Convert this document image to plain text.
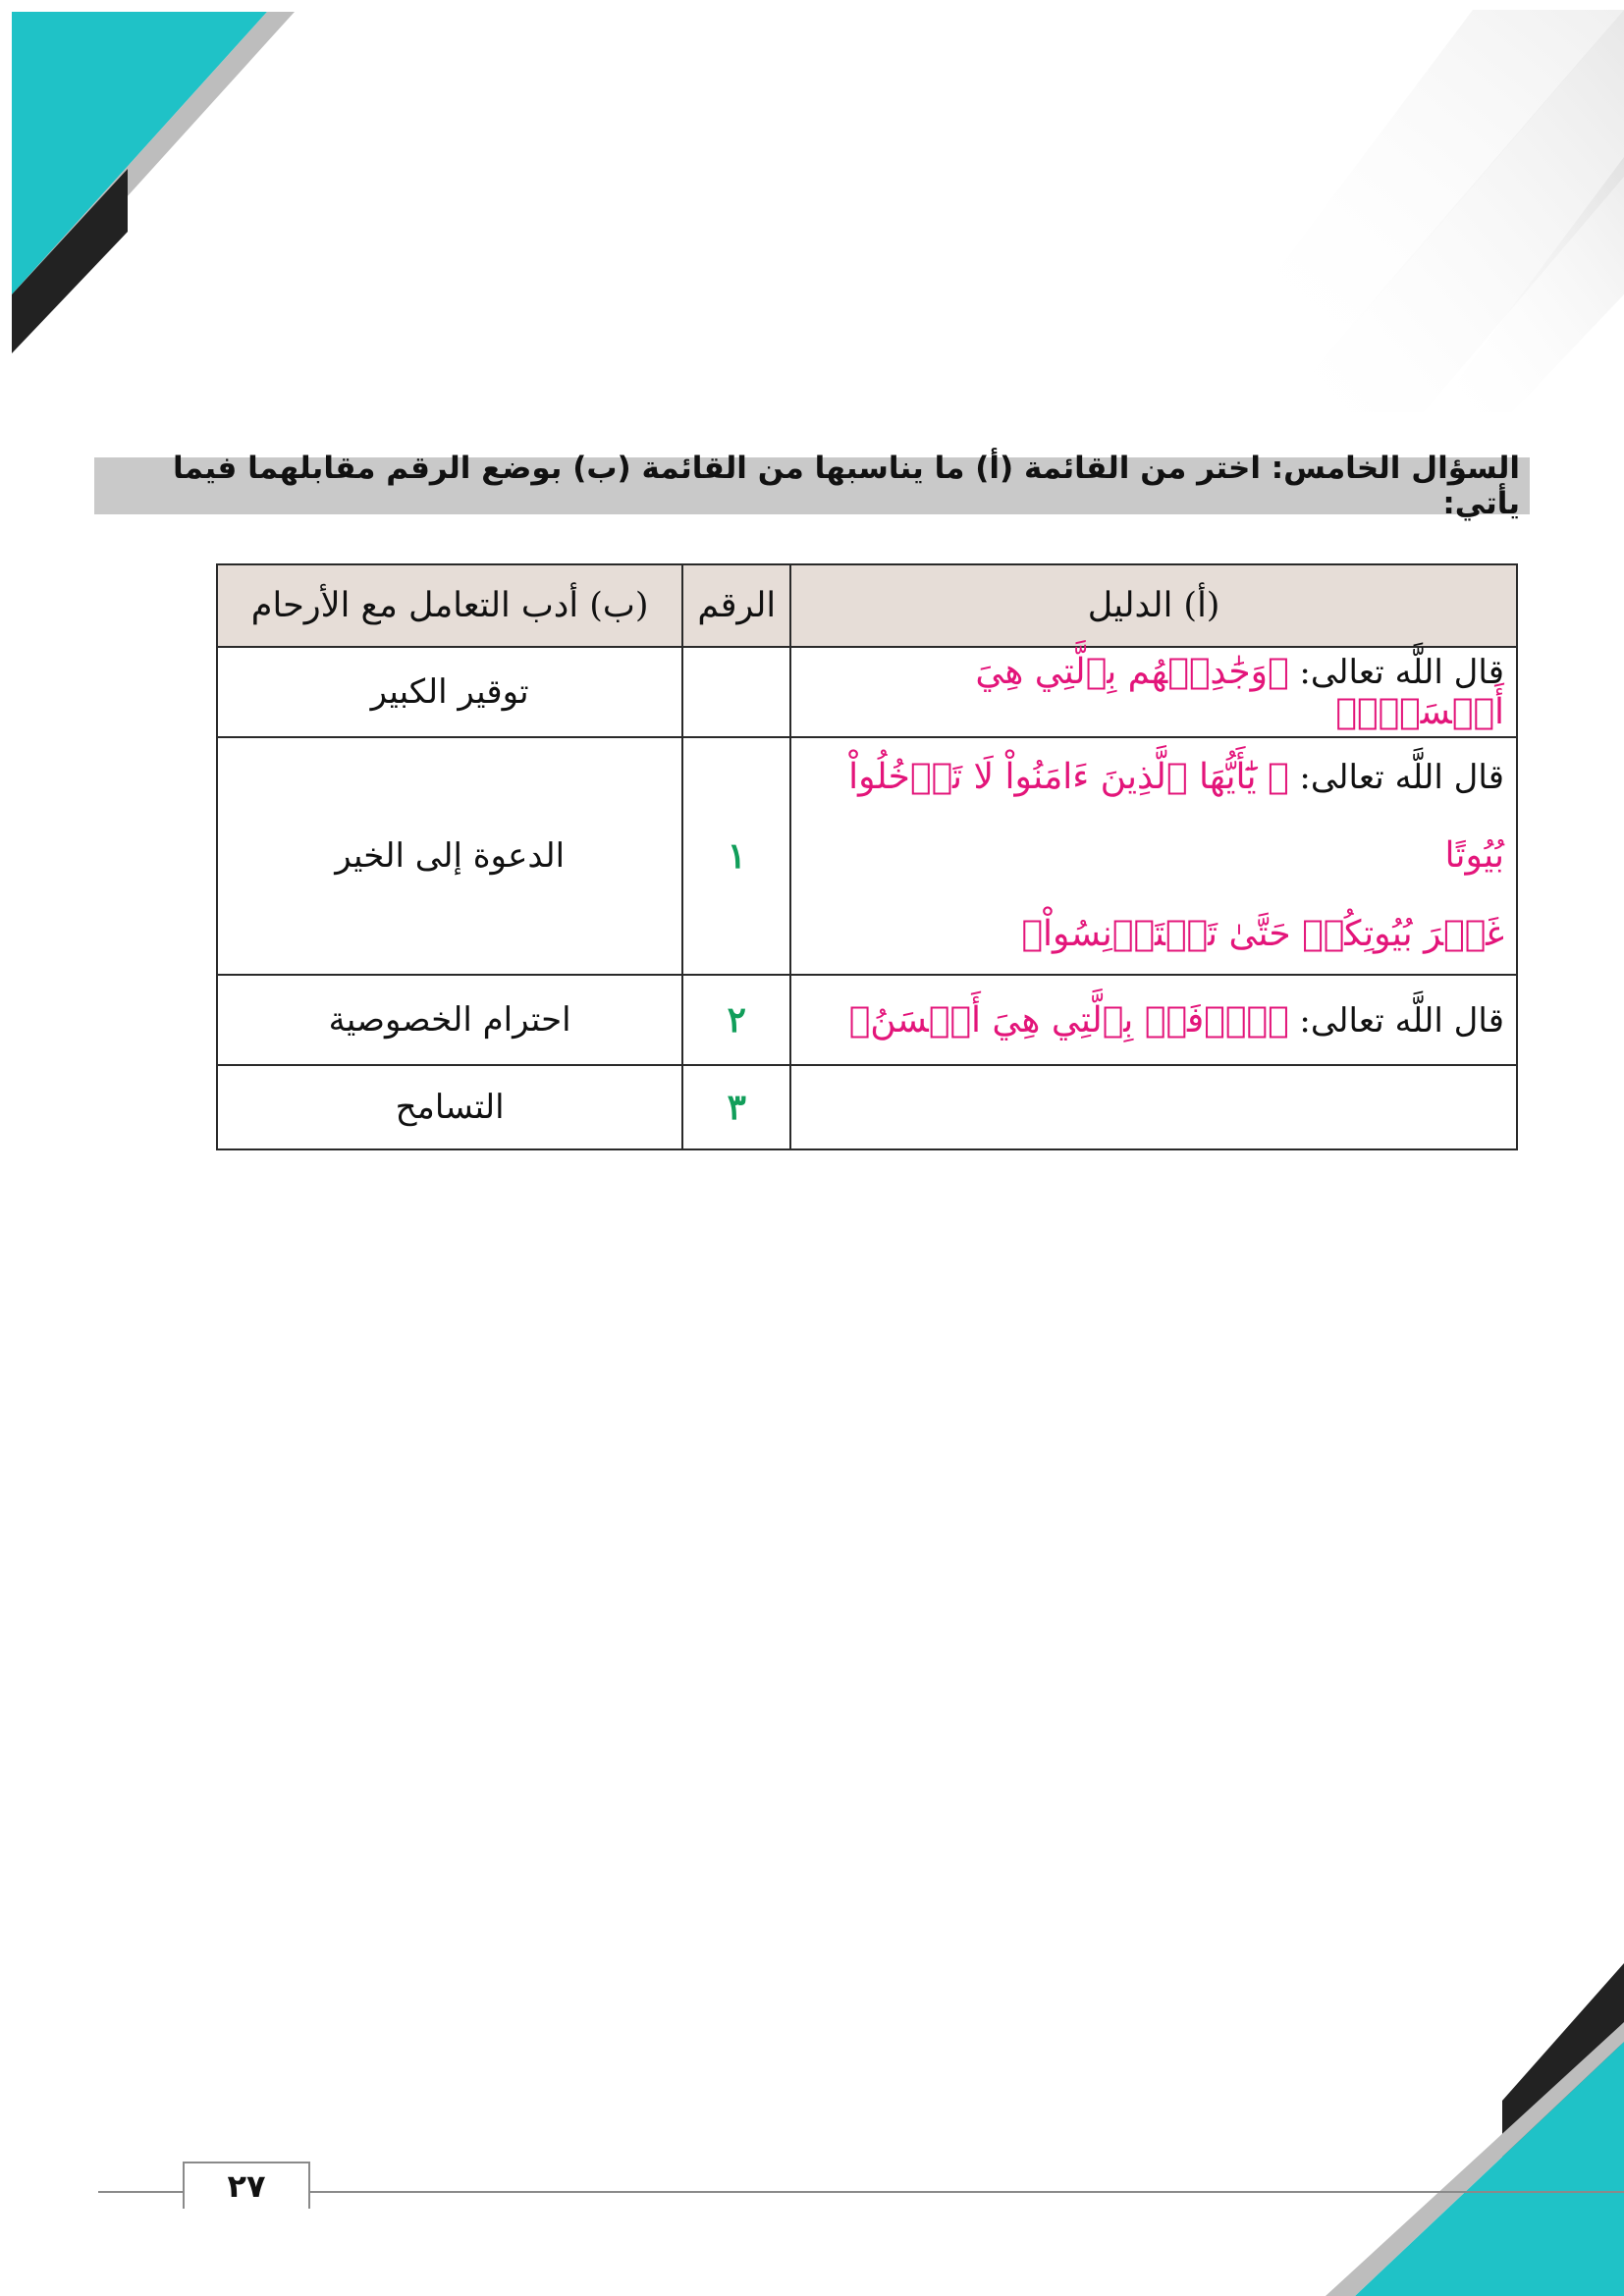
السؤال الخامس: اختر من القائمة (أ) ما يناسبها من القائمة (ب) بوضع الرقم مقابلهما فيما يأتي:
(أ) الدليل	الرقم	(ب) أدب التعامل مع الأرحام
قال اللَّه تعالى: ﴿وَجَٰدِلۡهُم بِٱلَّتِي هِيَ أَحۡسَنُۚ﴾		توقير الكبير

قال اللَّه تعالى: ﴿ يَٰٓأَيُّهَا ٱلَّذِينَ ءَامَنُواْ لَا تَدۡخُلُواْ بُيُوتًا
غَيۡرَ بُيُوتِكُمۡ حَتَّىٰ تَسۡتَأۡنِسُواْ﴾	١	الدعوة إلى الخير
قال اللَّه تعالى: ﴿ٱدۡفَعۡ بِٱلَّتِي هِيَ أَحۡسَنُ﴾	٢	احترام الخصوصية
	٣	التسامح
٢٧
